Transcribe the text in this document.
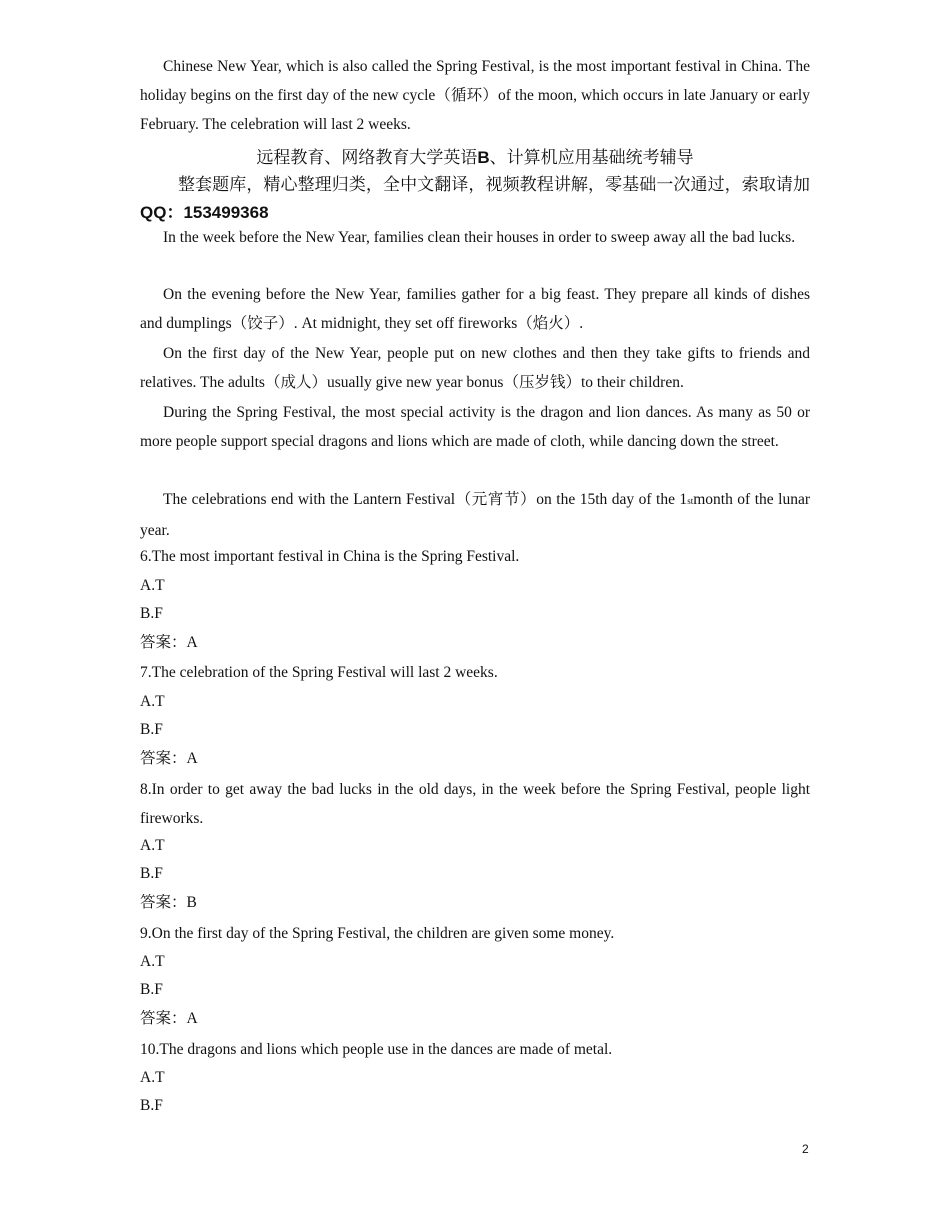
Chinese New Year, which is also called the Spring Festival, is the most important festival in China. The holiday begins on the first day of the new cycle（循环）of the moon, which occurs in late January or early February. The celebration will last 2 weeks.

远程教育、网络教育大学英语B、计算机应用基础统考辅导
整套题库，精心整理归类，全中文翻译，视频教程讲解，零基础一次通过，索取请加QQ：153499368

In the week before the New Year, families clean their houses in order to sweep away all the bad lucks.

On the evening before the New Year, families gather for a big feast. They prepare all kinds of dishes and dumplings（饺子）. At midnight, they set off fireworks（焰火）.

On the first day of the New Year, people put on new clothes and then they take gifts to friends and relatives. The adults（成人）usually give new year bonus（压岁钱）to their children.

During the Spring Festival, the most special activity is the dragon and lion dances. As many as 50 or more people support special dragons and lions which are made of cloth, while dancing down the street.

The celebrations end with the Lantern Festival（元宵节）on the 15th day of the 1stmonth of the lunar year.

6.The most important festival in China is the Spring Festival.

A.T

B.F

答案：A

7.The celebration of the Spring Festival will last 2 weeks.

A.T

B.F

答案：A

8.In order to get away the bad lucks in the old days, in the week before the Spring Festival, people light fireworks.

A.T

B.F

答案：B

9.On the first day of the Spring Festival, the children are given some money.

A.T

B.F

答案：A

10.The dragons and lions which people use in the dances are made of metal.

A.T

B.F

2
